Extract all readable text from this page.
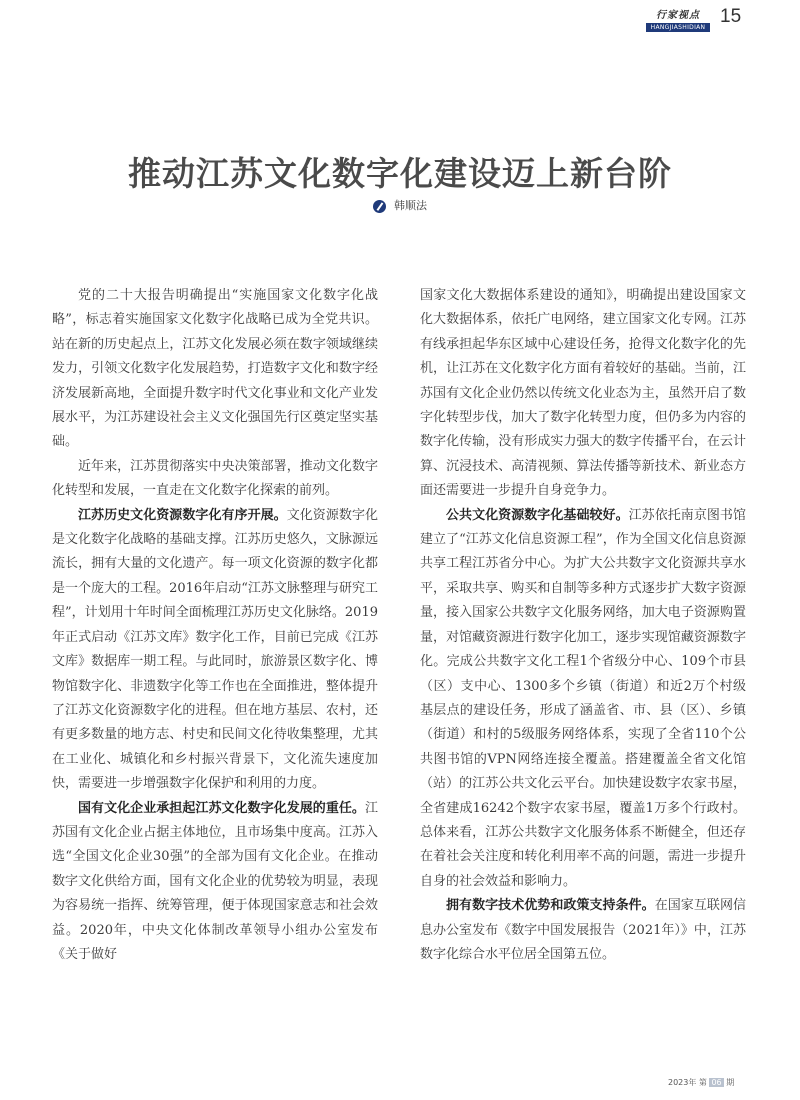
行家视点
HANGJIASHIDIAN
15
推动江苏文化数字化建设迈上新台阶
韩顺法

党的二十大报告明确提出“实施国家文化数字化战略”，标志着实施国家文化数字化战略已成为全党共识。站在新的历史起点上，江苏文化发展必须在数字领域继续发力，引领文化数字化发展趋势，打造数字文化和数字经济发展新高地，全面提升数字时代文化事业和文化产业发展水平，为江苏建设社会主义文化强国先行区奠定坚实基础。

近年来，江苏贯彻落实中央决策部署，推动文化数字化转型和发展，一直走在文化数字化探索的前列。

江苏历史文化资源数字化有序开展。文化资源数字化是文化数字化战略的基础支撑。江苏历史悠久，文脉源远流长，拥有大量的文化遗产。每一项文化资源的数字化都是一个庞大的工程。2016年启动“江苏文脉整理与研究工程”，计划用十年时间全面梳理江苏历史文化脉络。2019年正式启动《江苏文库》数字化工作，目前已完成《江苏文库》数据库一期工程。与此同时，旅游景区数字化、博物馆数字化、非遗数字化等工作也在全面推进，整体提升了江苏文化资源数字化的进程。但在地方基层、农村，还有更多数量的地方志、村史和民间文化待收集整理，尤其在工业化、城镇化和乡村振兴背景下，文化流失速度加快，需要进一步增强数字化保护和利用的力度。

国有文化企业承担起江苏文化数字化发展的重任。江苏国有文化企业占据主体地位，且市场集中度高。江苏入选“全国文化企业30强”的全部为国有文化企业。在推动数字文化供给方面，国有文化企业的优势较为明显，表现为容易统一指挥、统筹管理，便于体现国家意志和社会效益。2020年，中央文化体制改革领导小组办公室发布《关于做好

国家文化大数据体系建设的通知》，明确提出建设国家文化大数据体系，依托广电网络，建立国家文化专网。江苏有线承担起华东区域中心建设任务，抢得文化数字化的先机，让江苏在文化数字化方面有着较好的基础。当前，江苏国有文化企业仍然以传统文化业态为主，虽然开启了数字化转型步伐，加大了数字化转型力度，但仍多为内容的数字化传输，没有形成实力强大的数字传播平台，在云计算、沉浸技术、高清视频、算法传播等新技术、新业态方面还需要进一步提升自身竞争力。

公共文化资源数字化基础较好。江苏依托南京图书馆建立了“江苏文化信息资源工程”，作为全国文化信息资源共享工程江苏省分中心。为扩大公共数字文化资源共享水平，采取共享、购买和自制等多种方式逐步扩大数字资源量，接入国家公共数字文化服务网络，加大电子资源购置量，对馆藏资源进行数字化加工，逐步实现馆藏资源数字化。完成公共数字文化工程1个省级分中心、109个市县（区）支中心、1300多个乡镇（街道）和近2万个村级基层点的建设任务，形成了涵盖省、市、县（区）、乡镇（街道）和村的5级服务网络体系，实现了全省110个公共图书馆的VPN网络连接全覆盖。搭建覆盖全省文化馆（站）的江苏公共文化云平台。加快建设数字农家书屋，全省建成16242个数字农家书屋，覆盖1万多个行政村。总体来看，江苏公共数字文化服务体系不断健全，但还存在着社会关注度和转化利用率不高的问题，需进一步提升自身的社会效益和影响力。

拥有数字技术优势和政策支持条件。在国家互联网信息办公室发布《数字中国发展报告（2021年）》中，江苏数字化综合水平位居全国第五位。

2023年 第 06 期
